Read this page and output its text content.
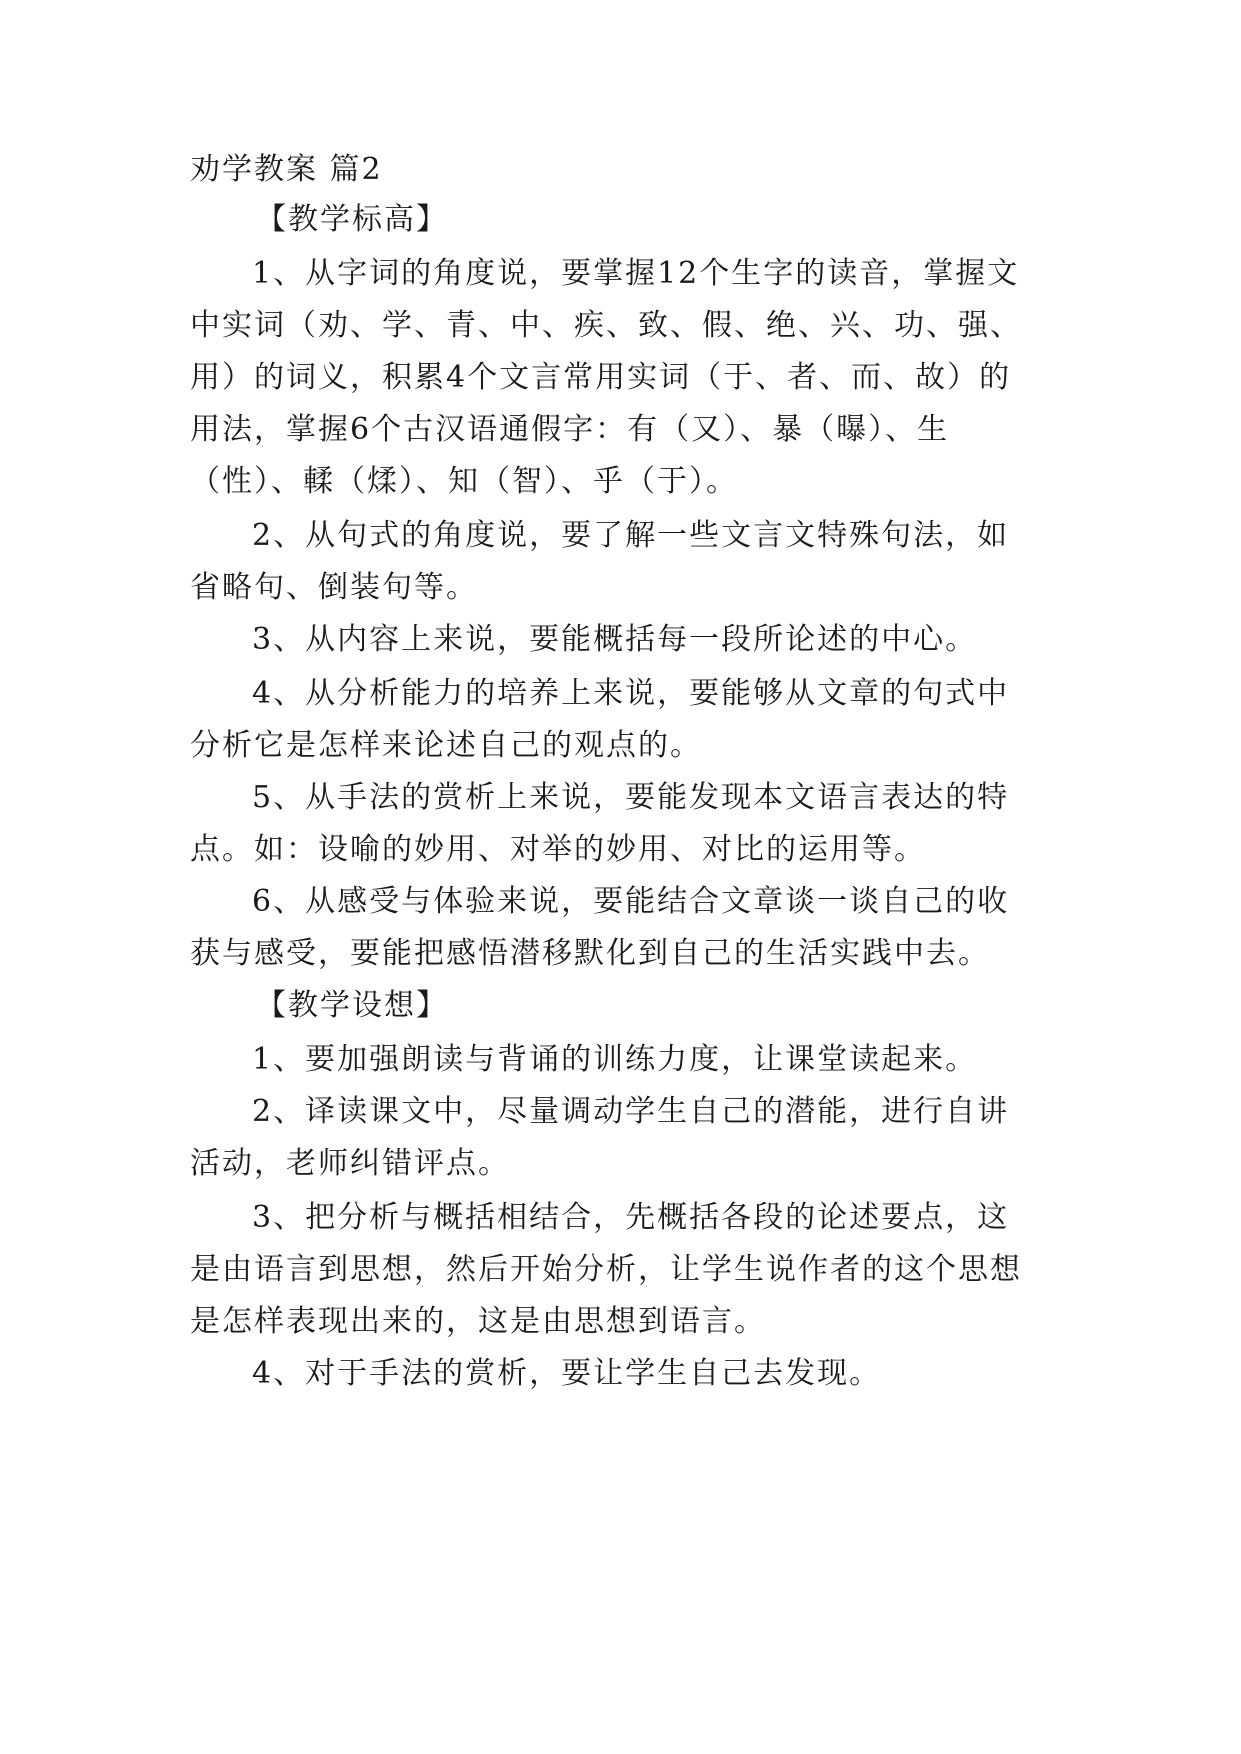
劝学教案 篇2
【教学标高】
1、从字词的角度说，要掌握12个生字的读音，掌握文
中实词（劝、学、青、中、疾、致、假、绝、兴、功、强、
用）的词义，积累4个文言常用实词（于、者、而、故）的
用法，掌握6个古汉语通假字：有（又）、暴（曝）、生
（性）、輮（煣）、知（智）、乎（于）。
2、从句式的角度说，要了解一些文言文特殊句法，如
省略句、倒装句等。
3、从内容上来说，要能概括每一段所论述的中心。
4、从分析能力的培养上来说，要能够从文章的句式中
分析它是怎样来论述自己的观点的。
5、从手法的赏析上来说，要能发现本文语言表达的特
点。如：设喻的妙用、对举的妙用、对比的运用等。
6、从感受与体验来说，要能结合文章谈一谈自己的收
获与感受，要能把感悟潜移默化到自己的生活实践中去。
【教学设想】
1、要加强朗读与背诵的训练力度，让课堂读起来。
2、译读课文中，尽量调动学生自己的潜能，进行自讲
活动，老师纠错评点。
3、把分析与概括相结合，先概括各段的论述要点，这
是由语言到思想，然后开始分析，让学生说作者的这个思想
是怎样表现出来的，这是由思想到语言。
4、对于手法的赏析，要让学生自己去发现。
